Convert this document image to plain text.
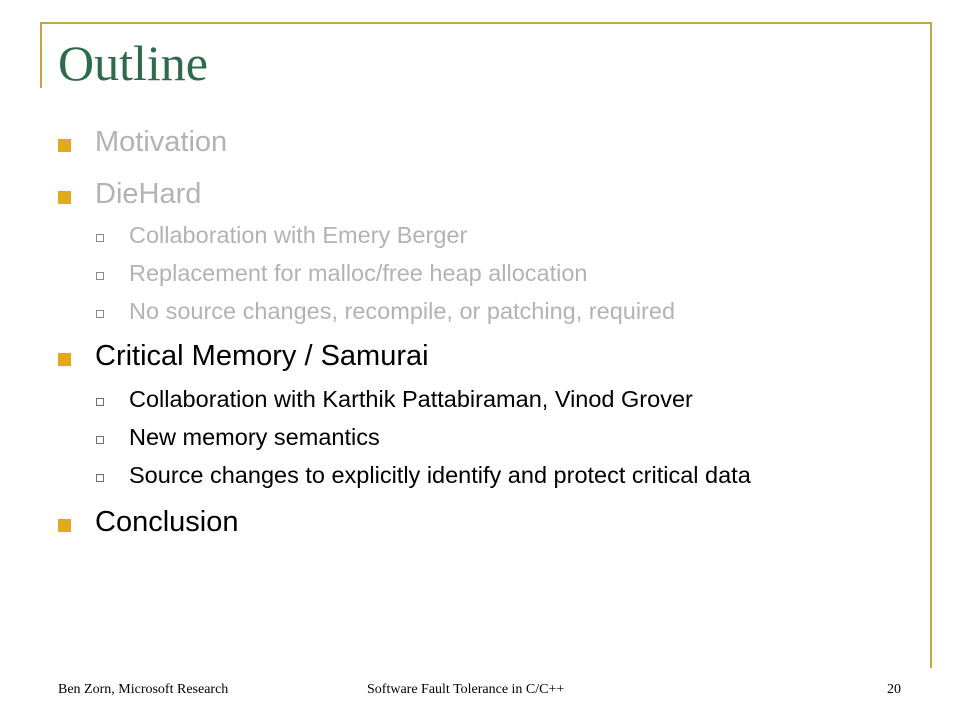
Outline
Motivation
DieHard
Collaboration with Emery Berger
Replacement for malloc/free heap allocation
No source changes, recompile, or patching, required
Critical Memory / Samurai
Collaboration with Karthik Pattabiraman, Vinod Grover
New memory semantics
Source changes to explicitly identify and protect critical data
Conclusion
Ben Zorn, Microsoft Research	Software Fault Tolerance in C/C++	20
